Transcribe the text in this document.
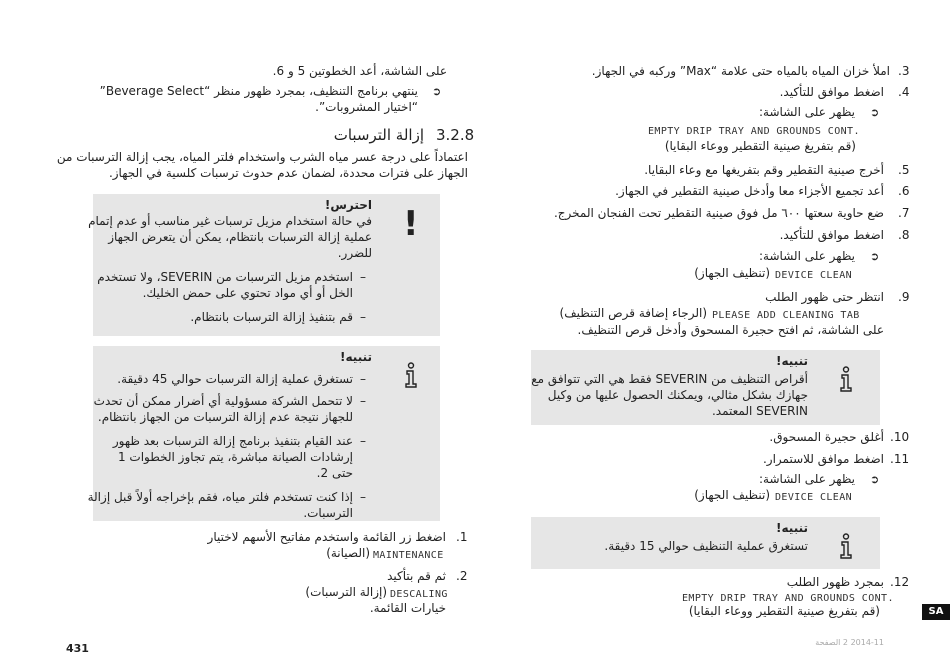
على الشاشة، أعد الخطوتين 5 و 6.
➲
ينتهي برنامج التنظيف، بمجرد ظهور منظر “Beverage Select”
“اختيار المشروبات”.
3.2.8
إزالة الترسبات
اعتماداً على درجة عسر مياه الشرب واستخدام فلتر المياه، يجب إزالة الترسبات من
الجهاز على فترات محددة، لضمان عدم حدوث ترسبات كلسية في الجهاز.
!
احترس!
في حالة استخدام مزيل ترسبات غير مناسب أو عدم إتمام
عملية إزالة الترسبات بانتظام، يمكن أن يتعرض الجهاز
للضرر.
–
استخدم مزيل الترسبات من SEVERIN، ولا تستخدم
الخل أو أي مواد تحتوي على حمض الخليك.
–
قم بتنفيذ إزالة الترسبات بانتظام.
تنبيه!
–
تستغرق عملية إزالة الترسبات حوالي 45 دقيقة.
–
لا تتحمل الشركة مسؤولية أي أضرار ممكن أن تحدث
للجهاز نتيجة عدم إزالة الترسبات من الجهاز بانتظام.
–
عند القيام بتنفيذ برنامج إزالة الترسبات بعد ظهور
إرشادات الصيانة مباشرة، يتم تجاوز الخطوات 1
حتى 2.
–
إذا كنت تستخدم فلتر مياه، فقم بإخراجه أولاً قبل إزالة
الترسبات.
.1
اضغط زر القائمة واستخدم مفاتيح الأسهم لاختيار
MAINTENANCE
(الصيانة)
.2
ثم قم بتأكيد
DESCALING
(إزالة الترسبات)
خيارات القائمة.
431
.3
املأ خزان المياه بالمياه حتى علامة “Max” وركبه في الجهاز.
.4
اضغط موافق للتأكيد.
➲
يظهر على الشاشة:
EMPTY DRIP TRAY AND GROUNDS CONT.
(قم بتفريغ صينية التقطير ووعاء البقايا)
.5
أخرج صينية التقطير وقم بتفريغها مع وعاء البقايا.
.6
أعد تجميع الأجزاء معا وأدخل صينية التقطير في الجهاز.
.7
ضع حاوية سعتها ٦٠٠ مل فوق صينية التقطير تحت الفنجان المخرج.
.8
اضغط موافق للتأكيد.
➲
يظهر على الشاشة:
DEVICE CLEAN
(تنظيف الجهاز)
.9
انتظر حتى ظهور الطلب
PLEASE ADD CLEANING TAB
(الرجاء إضافة قرص التنظيف)
على الشاشة، ثم افتح حجيرة المسحوق وأدخل قرص التنظيف.
تنبيه!
أقراص التنظيف من SEVERIN فقط هي التي تتوافق مع
جهازك بشكل مثالي، ويمكنك الحصول عليها من وكيل
SEVERIN المعتمد.
.10
أغلق حجيرة المسحوق.
.11
اضغط موافق للاستمرار.
➲
يظهر على الشاشة:
DEVICE CLEAN
(تنظيف الجهاز)
تنبيه!
تستغرق عملية التنظيف حوالي 15 دقيقة.
.12
بمجرد ظهور الطلب
EMPTY DRIP TRAY AND GROUNDS CONT.
(قم بتفريغ صينية التقطير ووعاء البقايا)	SA
2014-11 2 الصفحة
